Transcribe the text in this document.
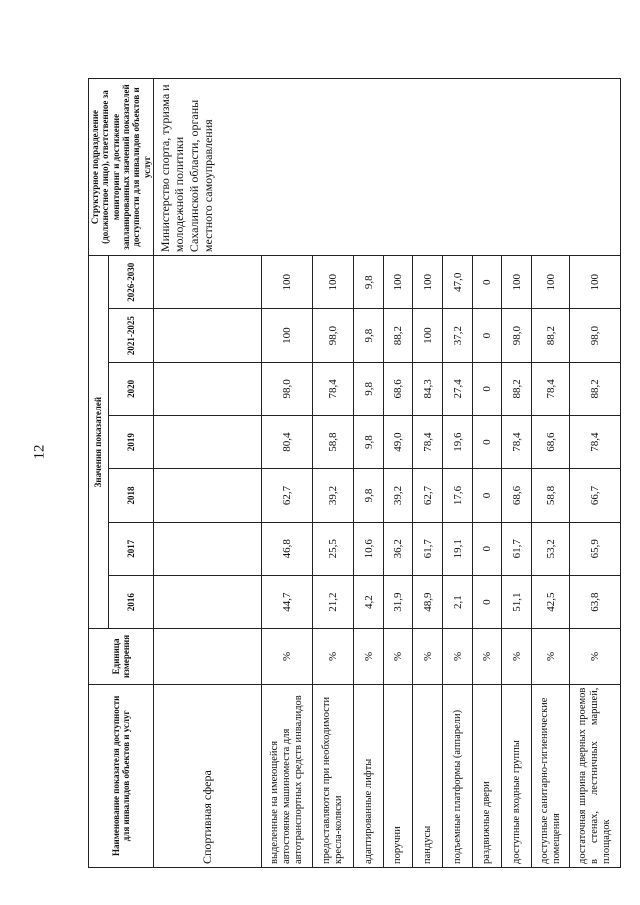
12
Наименование показателя доступности для инвалидов объектов и услуг	Единица измерения	Значения показателей							Структурное подразделение (должностное лицо), ответственное за мониторинг и достижение запланированных значений показателей доступности для инвалидов объектов и услуг
		2016	2017	2018	2019	2020	2021-2025	2026-2030	
Спортивная сфера									Министерство спорта, туризма и молодежной политики Сахалинской области, органы местного самоуправления
выделенные на имеющейся автостоянке машиноместа для автотранспортных средств инвалидов	%	44,7	46,8	62,7	80,4	98,0	100	100	
предоставляются при необходимости кресла-коляски	%	21,2	25,5	39,2	58,8	78,4	98,0	100	
адаптированные лифты	%	4,2	10,6	9,8	9,8	9,8	9,8	9,8	
поручни	%	31,9	36,2	39,2	49,0	68,6	88,2	100	
пандусы	%	48,9	61,7	62,7	78,4	84,3	100	100	
подъемные платформы (аппарели)	%	2,1	19,1	17,6	19,6	27,4	37,2	47,0	
раздвижные двери	%	0	0	0	0	0	0	0	
доступные входные группы	%	51,1	61,7	68,6	78,4	88,2	98,0	100	
доступные санитарно-гигиенические помещения	%	42,5	53,2	58,8	68,6	78,4	88,2	100	
достаточная ширина дверных проемов в стенах, лестничных маршей, площадок	%	63,8	65,9	66,7	78,4	88,2	98,0	100	
